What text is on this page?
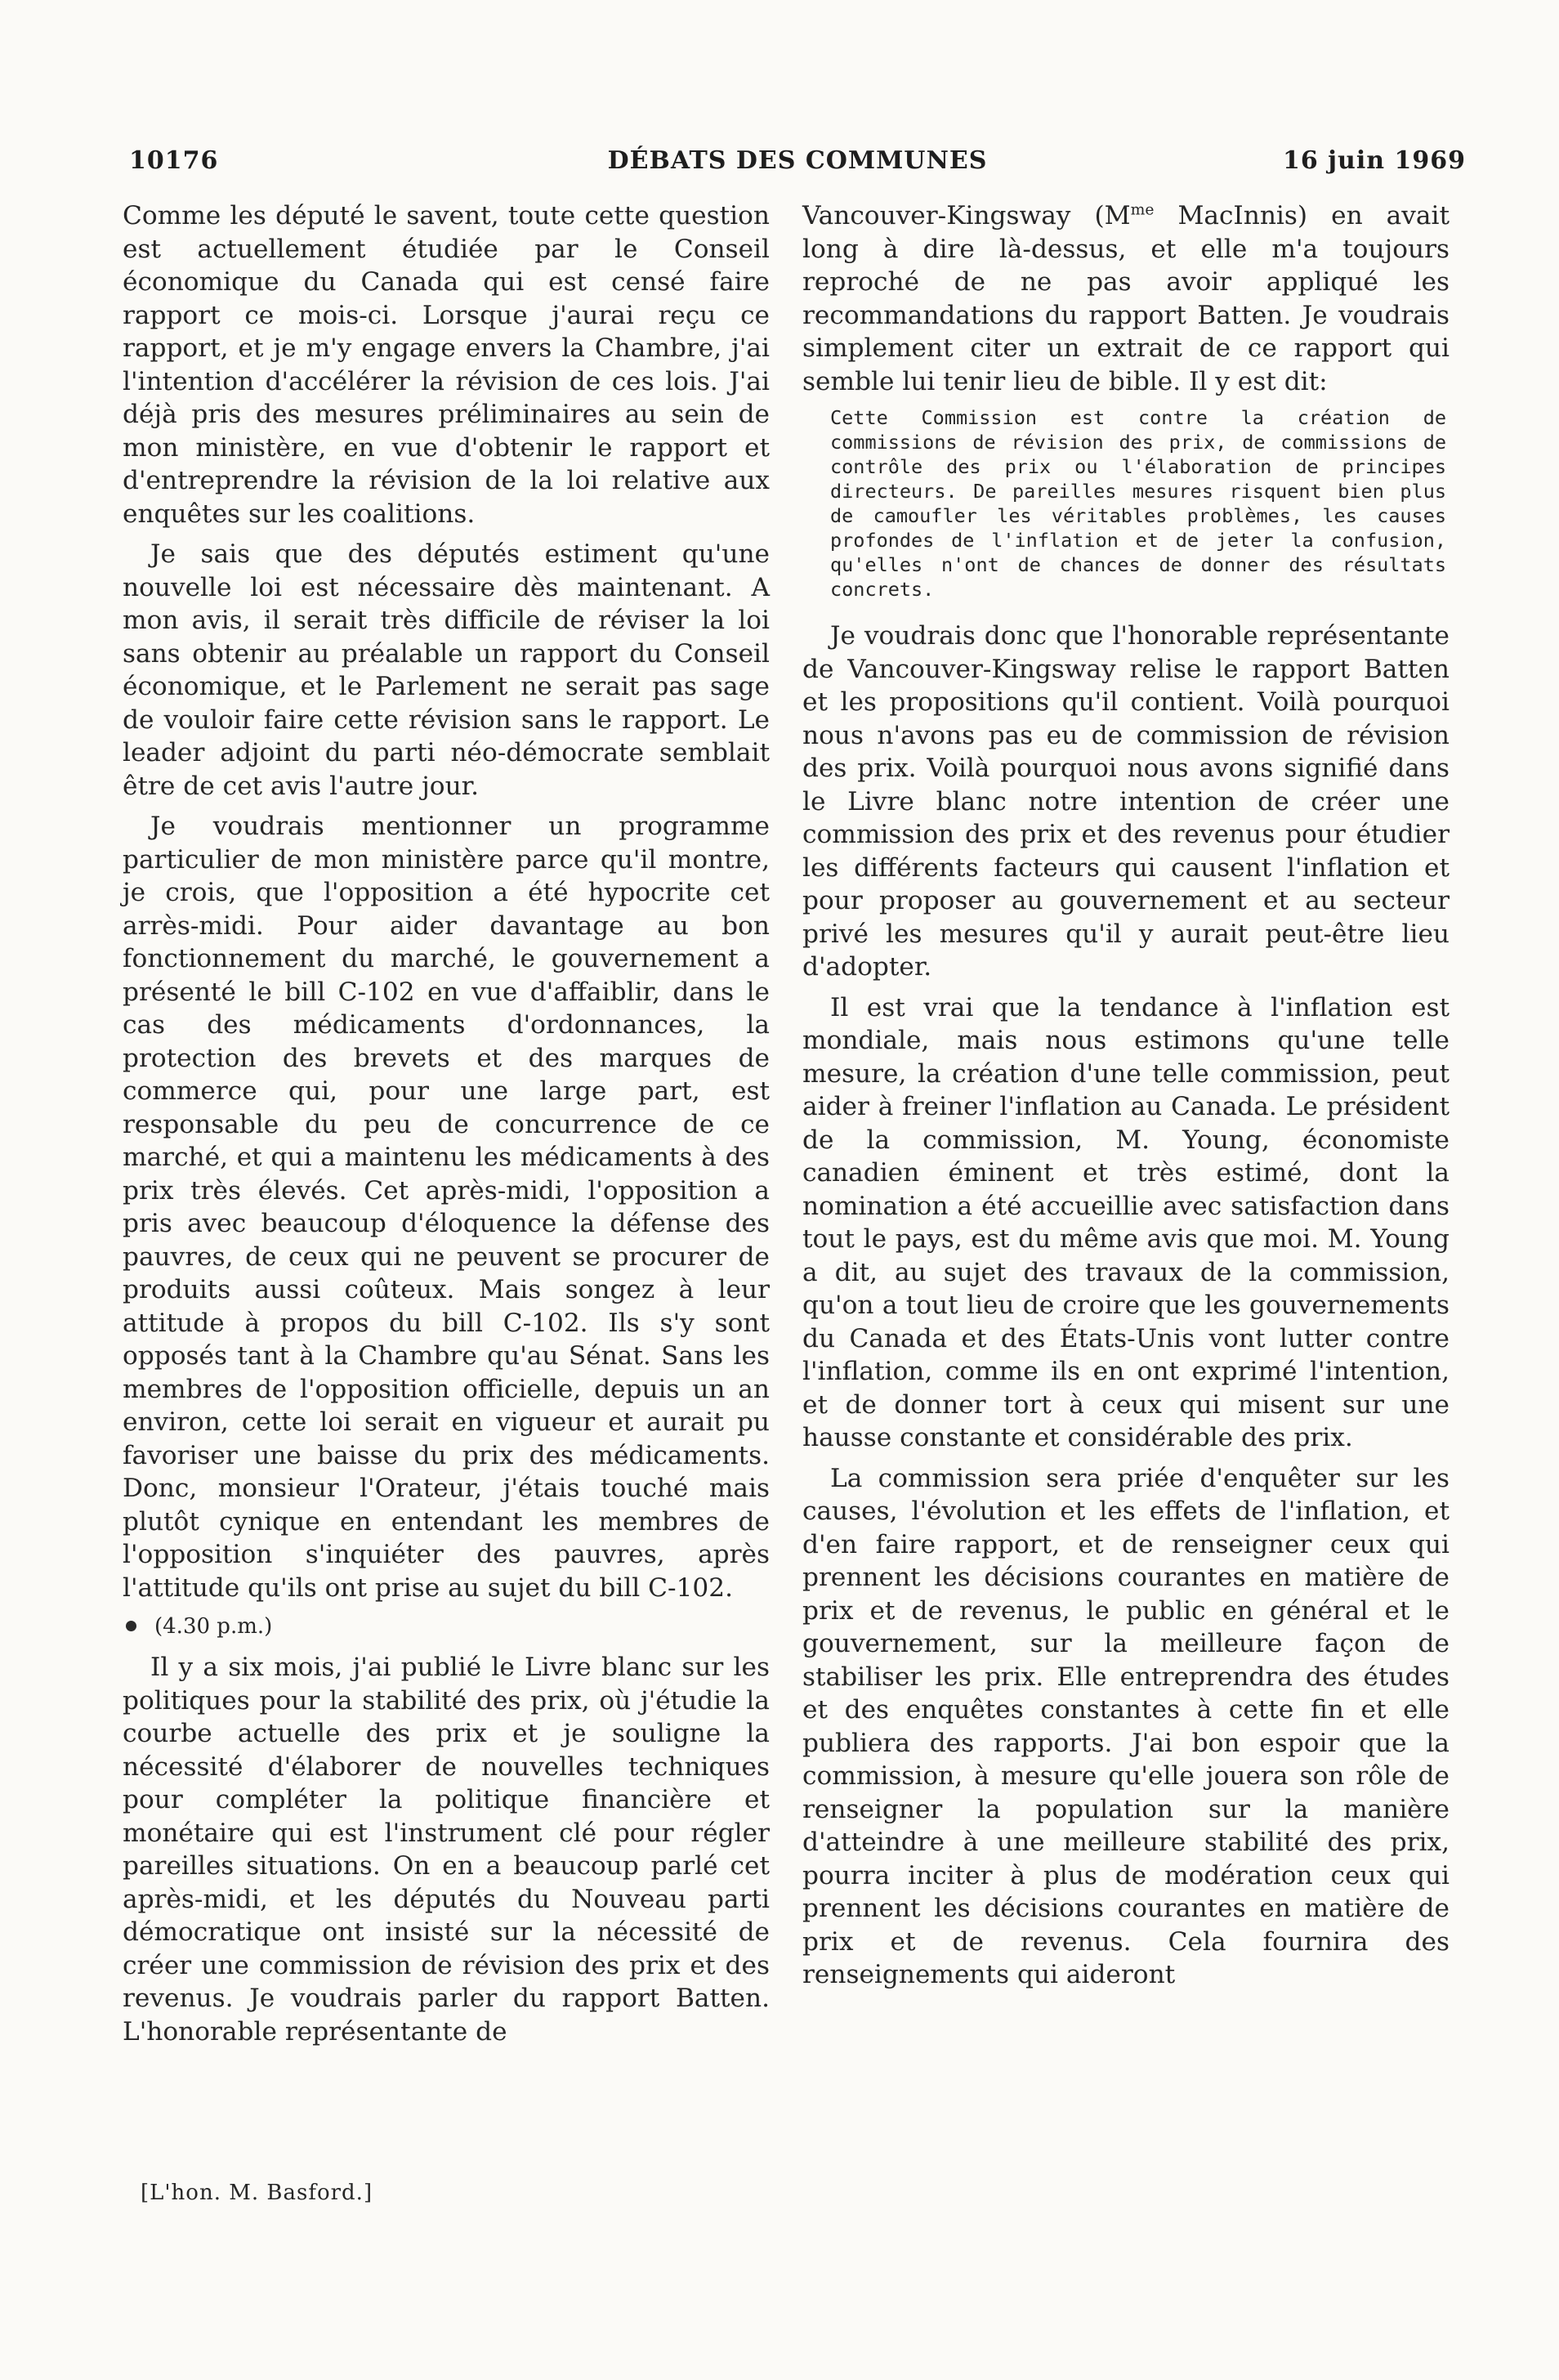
10176	DÉBATS DES COMMUNES	16 juin 1969

Comme les député le savent, toute cette question est actuellement étudiée par le Conseil économique du Canada qui est censé faire rapport ce mois-ci. Lorsque j'aurai reçu ce rapport, et je m'y engage envers la Chambre, j'ai l'intention d'accélérer la révision de ces lois. J'ai déjà pris des mesures préliminaires au sein de mon ministère, en vue d'obtenir le rapport et d'entreprendre la révision de la loi relative aux enquêtes sur les coalitions.

Je sais que des députés estiment qu'une nouvelle loi est nécessaire dès maintenant. A mon avis, il serait très difficile de réviser la loi sans obtenir au préalable un rapport du Conseil économique, et le Parlement ne serait pas sage de vouloir faire cette révision sans le rapport. Le leader adjoint du parti néo-démocrate semblait être de cet avis l'autre jour.

Je voudrais mentionner un programme particulier de mon ministère parce qu'il montre, je crois, que l'opposition a été hypocrite cet arrès-midi. Pour aider davantage au bon fonctionnement du marché, le gouvernement a présenté le bill C-102 en vue d'affaiblir, dans le cas des médicaments d'ordonnances, la protection des brevets et des marques de commerce qui, pour une large part, est responsable du peu de concurrence de ce marché, et qui a maintenu les médicaments à des prix très élevés. Cet après-midi, l'opposition a pris avec beaucoup d'éloquence la défense des pauvres, de ceux qui ne peuvent se procurer de produits aussi coûteux. Mais songez à leur attitude à propos du bill C-102. Ils s'y sont opposés tant à la Chambre qu'au Sénat. Sans les membres de l'opposition officielle, depuis un an environ, cette loi serait en vigueur et aurait pu favoriser une baisse du prix des médicaments. Donc, monsieur l'Orateur, j'étais touché mais plutôt cynique en entendant les membres de l'opposition s'inquiéter des pauvres, après l'attitude qu'ils ont prise au sujet du bill C-102.

(4.30 p.m.)

Il y a six mois, j'ai publié le Livre blanc sur les politiques pour la stabilité des prix, où j'étudie la courbe actuelle des prix et je souligne la nécessité d'élaborer de nouvelles techniques pour compléter la politique financière et monétaire qui est l'instrument clé pour régler pareilles situations. On en a beaucoup parlé cet après-midi, et les députés du Nouveau parti démocratique ont insisté sur la nécessité de créer une commission de révision des prix et des revenus. Je voudrais parler du rapport Batten. L'honorable représentante de

Vancouver-Kingsway ($M^{me}$ MacInnis) en avait long à dire là-dessus, et elle m'a toujours reproché de ne pas avoir appliqué les recommandations du rapport Batten. Je voudrais simplement citer un extrait de ce rapport qui semble lui tenir lieu de bible. Il y est dit:

Cette Commission est contre la création de commissions de révision des prix, de commissions de contrôle des prix ou l'élaboration de principes directeurs. De pareilles mesures risquent bien plus de camoufler les véritables problèmes, les causes profondes de l'inflation et de jeter la confusion, qu'elles n'ont de chances de donner des résultats concrets.

Je voudrais donc que l'honorable représentante de Vancouver-Kingsway relise le rapport Batten et les propositions qu'il contient. Voilà pourquoi nous n'avons pas eu de commission de révision des prix. Voilà pourquoi nous avons signifié dans le Livre blanc notre intention de créer une commission des prix et des revenus pour étudier les différents facteurs qui causent l'inflation et pour proposer au gouvernement et au secteur privé les mesures qu'il y aurait peut-être lieu d'adopter.

Il est vrai que la tendance à l'inflation est mondiale, mais nous estimons qu'une telle mesure, la création d'une telle commission, peut aider à freiner l'inflation au Canada. Le président de la commission, M. Young, économiste canadien éminent et très estimé, dont la nomination a été accueillie avec satisfaction dans tout le pays, est du même avis que moi. M. Young a dit, au sujet des travaux de la commission, qu'on a tout lieu de croire que les gouvernements du Canada et des États-Unis vont lutter contre l'inflation, comme ils en ont exprimé l'intention, et de donner tort à ceux qui misent sur une hausse constante et considérable des prix.

La commission sera priée d'enquêter sur les causes, l'évolution et les effets de l'inflation, et d'en faire rapport, et de renseigner ceux qui prennent les décisions courantes en matière de prix et de revenus, le public en général et le gouvernement, sur la meilleure façon de stabiliser les prix. Elle entreprendra des études et des enquêtes constantes à cette fin et elle publiera des rapports. J'ai bon espoir que la commission, à mesure qu'elle jouera son rôle de renseigner la population sur la manière d'atteindre à une meilleure stabilité des prix, pourra inciter à plus de modération ceux qui prennent les décisions courantes en matière de prix et de revenus. Cela fournira des renseignements qui aideront

[L'hon. M. Basford.]
